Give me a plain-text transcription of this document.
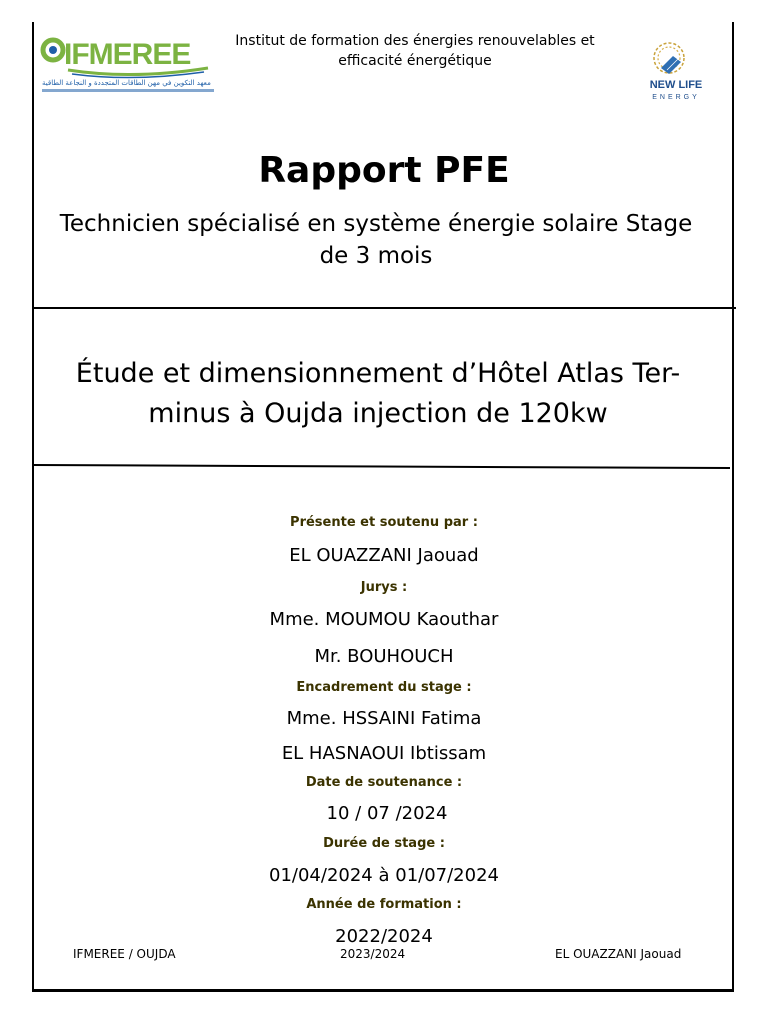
IFMEREE
معهد التكوين في مهن الطاقات المتجددة و النجاعة الطاقية
Institut de formation des énergies renouvelables et
efficacité énergétique
NEW LIFE
ENERGY
Rapport PFE
Technicien spécialisé en système énergie solaire Stage
de 3 mois
Étude et dimensionnement d’Hôtel Atlas Ter-
minus à Oujda injection de 120kw
Présente et soutenu par :
EL OUAZZANI Jaouad
Jurys :
Mme. MOUMOU Kaouthar
Mr. BOUHOUCH
Encadrement du stage :
Mme. HSSAINI Fatima
EL HASNAOUI Ibtissam
Date de soutenance :
10 / 07 /2024
Durée de stage :
01/04/2024 à 01/07/2024
Année de formation :
2022/2024
IFMEREE / OUJDA	2023/2024	EL OUAZZANI Jaouad
